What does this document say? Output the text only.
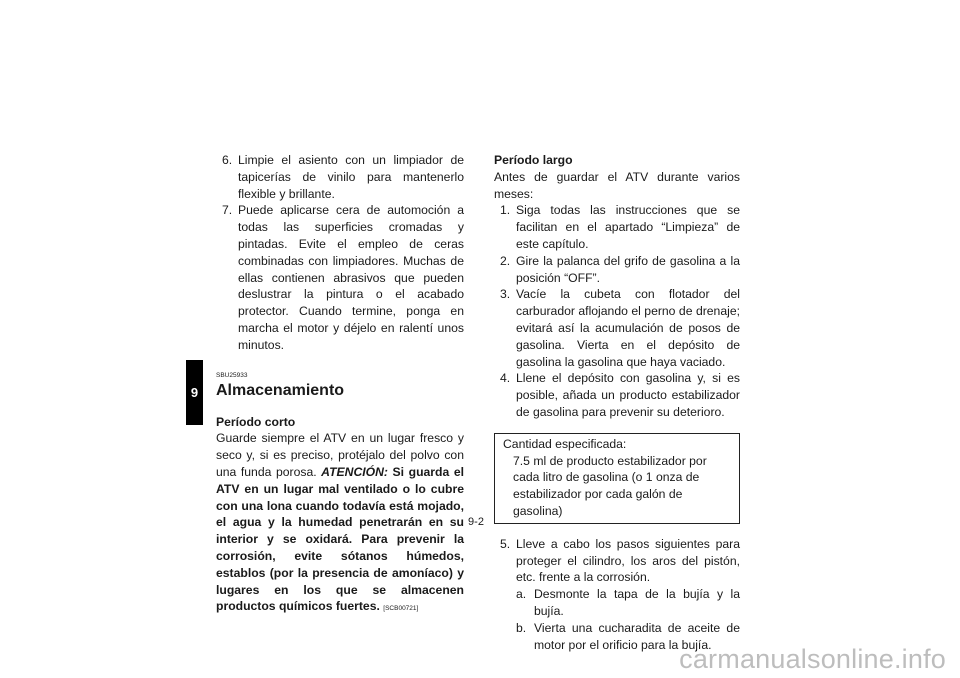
9
6. Limpie el asiento con un limpiador de tapicerías de vinilo para mantenerlo flexible y brillante.
7. Puede aplicarse cera de automoción a todas las superficies cromadas y pintadas. Evite el empleo de ceras combinadas con limpiadores. Muchas de ellas contienen abrasivos que pueden deslustrar la pintura o el acabado protector. Cuando termine, ponga en marcha el motor y déjelo en ralentí unos minutos.
SBU25933
Almacenamiento
Período corto
Guarde siempre el ATV en un lugar fresco y seco y, si es preciso, protéjalo del polvo con una funda porosa. ATENCIÓN: Si guarda el ATV en un lugar mal ventilado o lo cubre con una lona cuando todavía está mojado, el agua y la humedad penetrarán en su interior y se oxidará. Para prevenir la corrosión, evite sótanos húmedos, establos (por la presencia de amoníaco) y lugares en los que se almacenen productos químicos fuertes. [SCB00721]
Período largo
Antes de guardar el ATV durante varios meses:
1. Siga todas las instrucciones que se facilitan en el apartado “Limpieza” de este capítulo.
2. Gire la palanca del grifo de gasolina a la posición “OFF”.
3. Vacíe la cubeta con flotador del carburador aflojando el perno de drenaje; evitará así la acumulación de posos de gasolina. Vierta en el depósito de gasolina la gasolina que haya vaciado.
4. Llene el depósito con gasolina y, si es posible, añada un producto estabilizador de gasolina para prevenir su deterioro.
Cantidad especificada:
7.5 ml de producto estabilizador por cada litro de gasolina (o 1 onza de estabilizador por cada galón de gasolina)
5. Lleve a cabo los pasos siguientes para proteger el cilindro, los aros del pistón, etc. frente a la corrosión.
a. Desmonte la tapa de la bujía y la bujía.
b. Vierta una cucharadita de aceite de motor por el orificio para la bujía.
9-2
carmanualsonline.info
